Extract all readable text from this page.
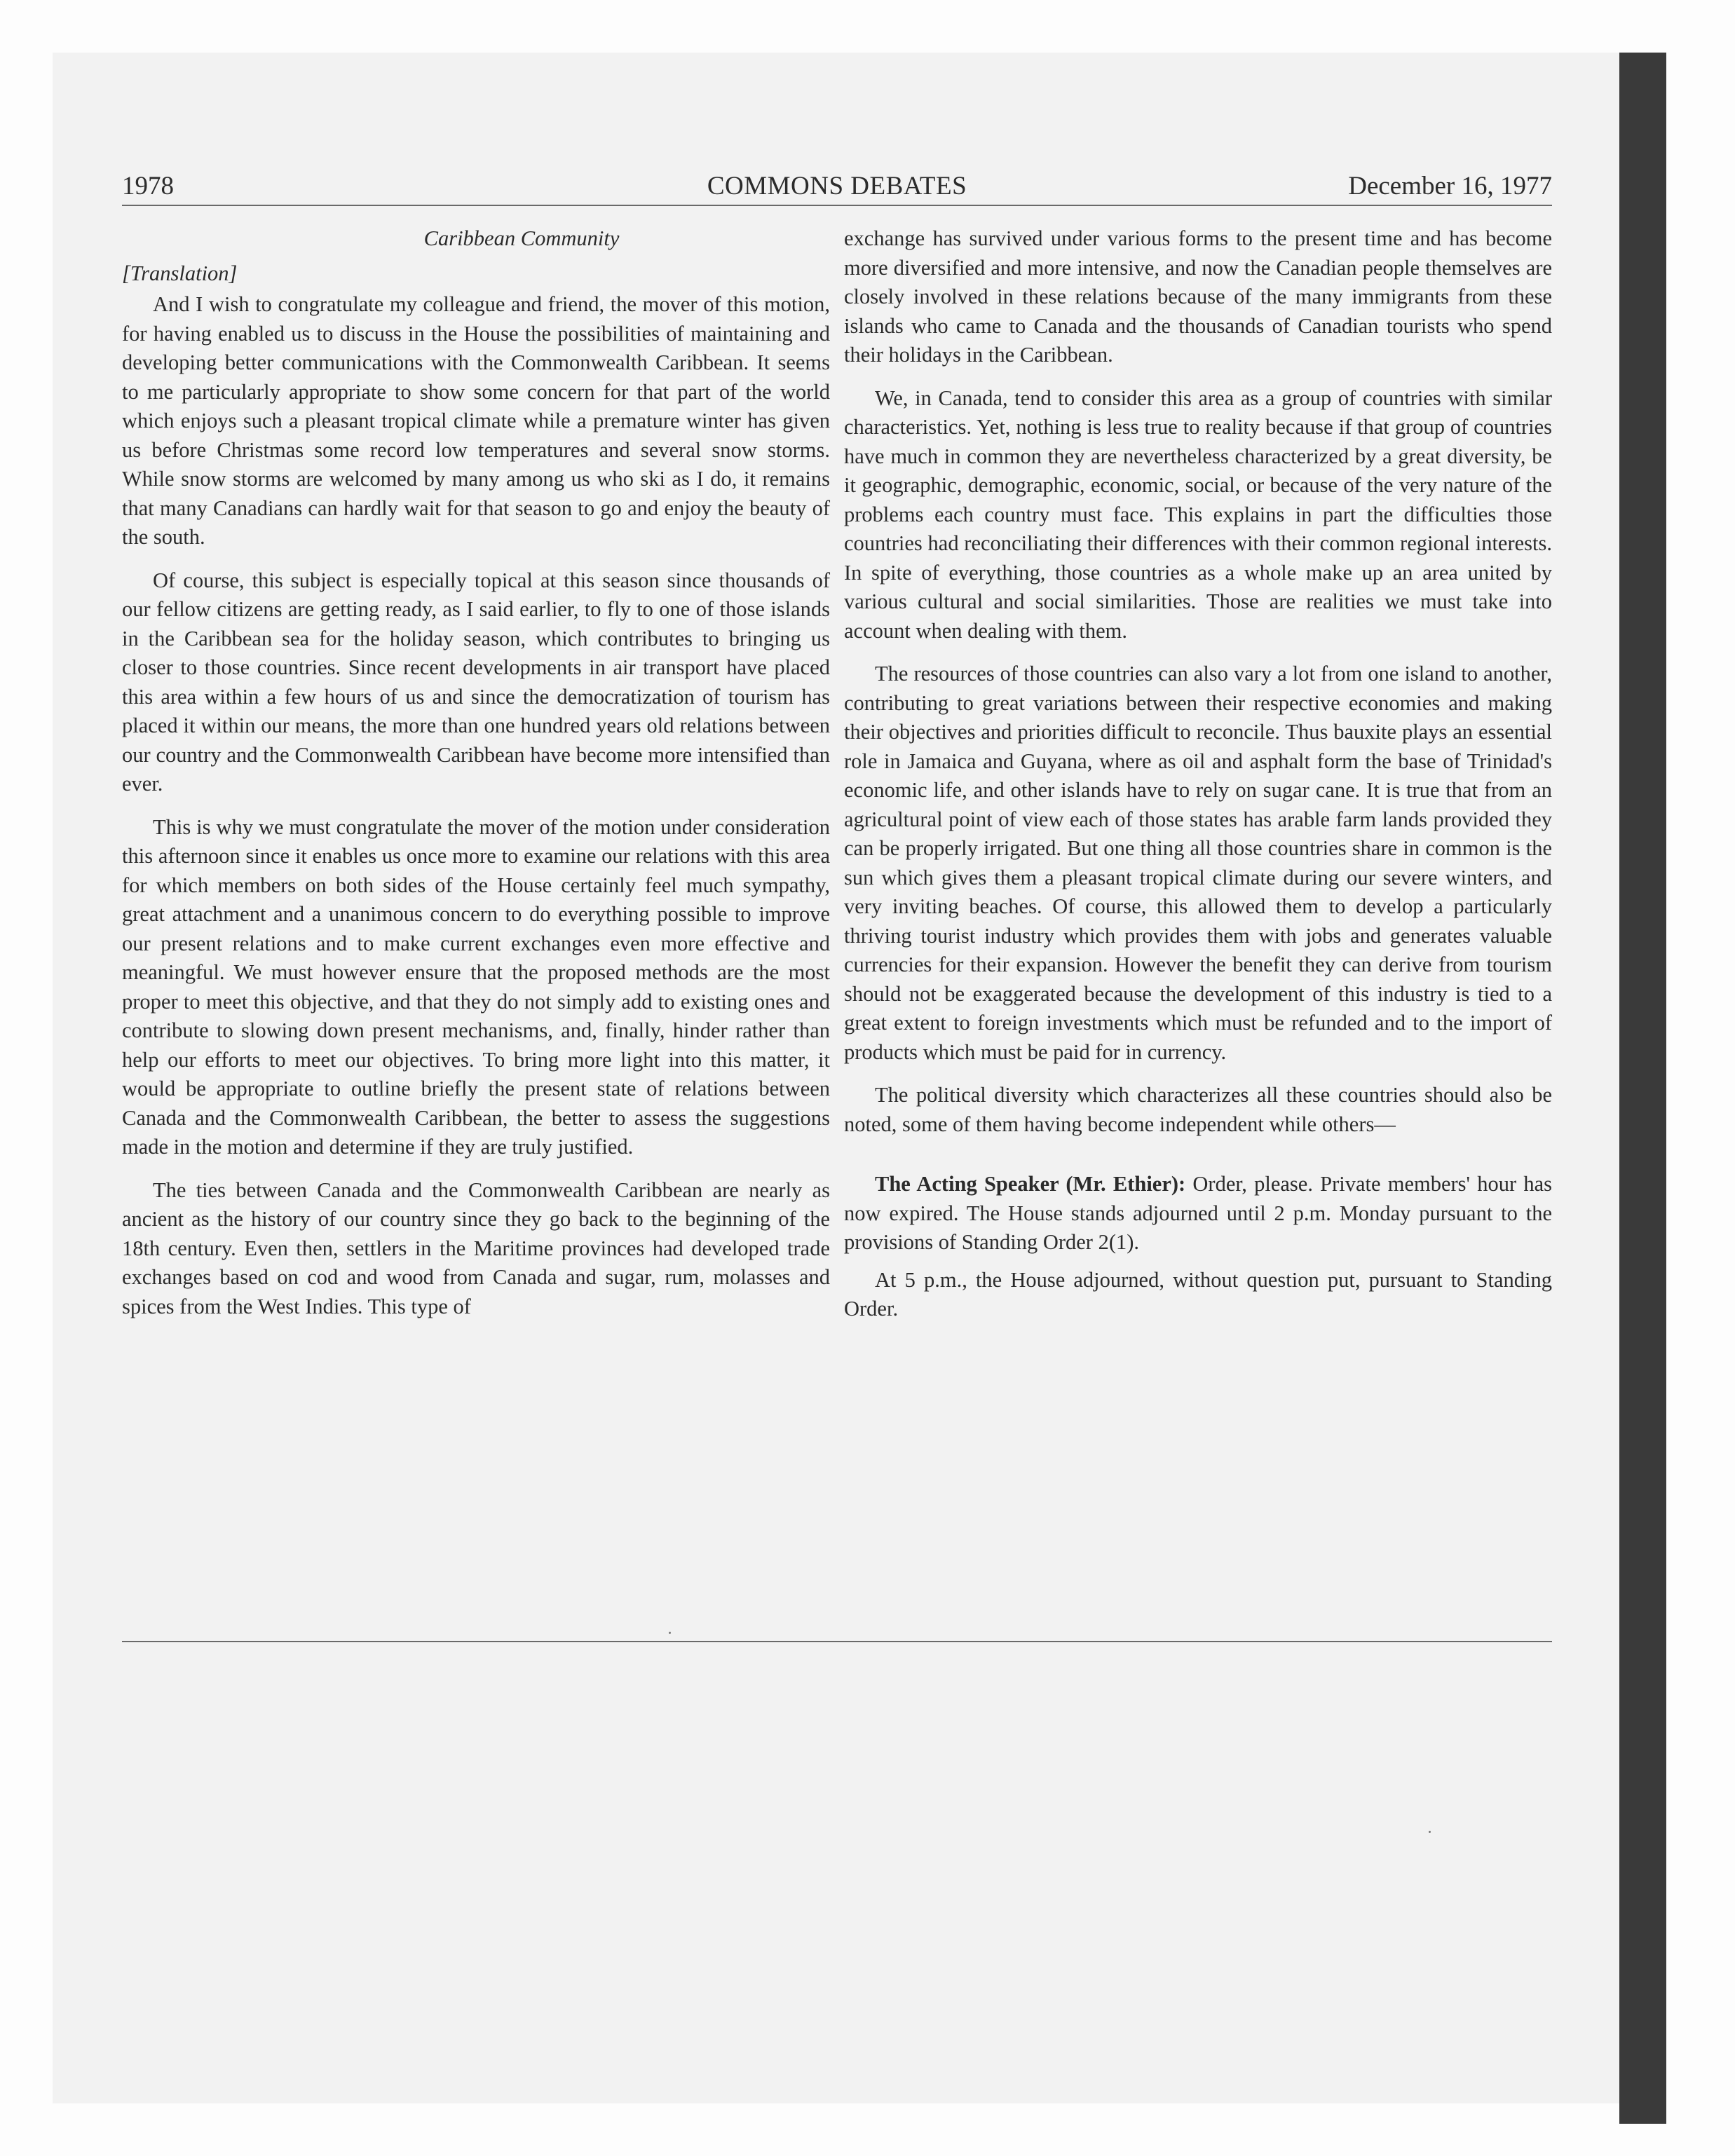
1978	COMMONS DEBATES	December 16, 1977
Caribbean Community
[Translation]

And I wish to congratulate my colleague and friend, the mover of this motion, for having enabled us to discuss in the House the possibilities of maintaining and developing better communications with the Commonwealth Caribbean. It seems to me particularly appropriate to show some concern for that part of the world which enjoys such a pleasant tropical climate while a premature winter has given us before Christmas some record low temperatures and several snow storms. While snow storms are welcomed by many among us who ski as I do, it remains that many Canadians can hardly wait for that season to go and enjoy the beauty of the south.

Of course, this subject is especially topical at this season since thousands of our fellow citizens are getting ready, as I said earlier, to fly to one of those islands in the Caribbean sea for the holiday season, which contributes to bringing us closer to those countries. Since recent developments in air transport have placed this area within a few hours of us and since the democratization of tourism has placed it within our means, the more than one hundred years old relations between our country and the Commonwealth Caribbean have become more intensified than ever.

This is why we must congratulate the mover of the motion under consideration this afternoon since it enables us once more to examine our relations with this area for which members on both sides of the House certainly feel much sympathy, great attachment and a unanimous concern to do everything possible to improve our present relations and to make current exchanges even more effective and meaningful. We must however ensure that the proposed methods are the most proper to meet this objective, and that they do not simply add to existing ones and contribute to slowing down present mechanisms, and, finally, hinder rather than help our efforts to meet our objectives. To bring more light into this matter, it would be appropriate to outline briefly the present state of relations between Canada and the Commonwealth Caribbean, the better to assess the suggestions made in the motion and determine if they are truly justified.

The ties between Canada and the Commonwealth Caribbean are nearly as ancient as the history of our country since they go back to the beginning of the 18th century. Even then, settlers in the Maritime provinces had developed trade exchanges based on cod and wood from Canada and sugar, rum, molasses and spices from the West Indies. This type of

exchange has survived under various forms to the present time and has become more diversified and more intensive, and now the Canadian people themselves are closely involved in these relations because of the many immigrants from these islands who came to Canada and the thousands of Canadian tourists who spend their holidays in the Caribbean.

We, in Canada, tend to consider this area as a group of countries with similar characteristics. Yet, nothing is less true to reality because if that group of countries have much in common they are nevertheless characterized by a great diversity, be it geographic, demographic, economic, social, or because of the very nature of the problems each country must face. This explains in part the difficulties those countries had reconciliating their differences with their common regional interests. In spite of everything, those countries as a whole make up an area united by various cultural and social similarities. Those are realities we must take into account when dealing with them.

The resources of those countries can also vary a lot from one island to another, contributing to great variations between their respective economies and making their objectives and priorities difficult to reconcile. Thus bauxite plays an essential role in Jamaica and Guyana, where as oil and asphalt form the base of Trinidad's economic life, and other islands have to rely on sugar cane. It is true that from an agricultural point of view each of those states has arable farm lands provided they can be properly irrigated. But one thing all those countries share in common is the sun which gives them a pleasant tropical climate during our severe winters, and very inviting beaches. Of course, this allowed them to develop a particularly thriving tourist industry which provides them with jobs and generates valuable currencies for their expansion. However the benefit they can derive from tourism should not be exaggerated because the development of this industry is tied to a great extent to foreign investments which must be refunded and to the import of products which must be paid for in currency.

The political diversity which characterizes all these countries should also be noted, some of them having become independent while others—

The Acting Speaker (Mr. Ethier): Order, please. Private members' hour has now expired. The House stands adjourned until 2 p.m. Monday pursuant to the provisions of Standing Order 2(1).

At 5 p.m., the House adjourned, without question put, pursuant to Standing Order.
